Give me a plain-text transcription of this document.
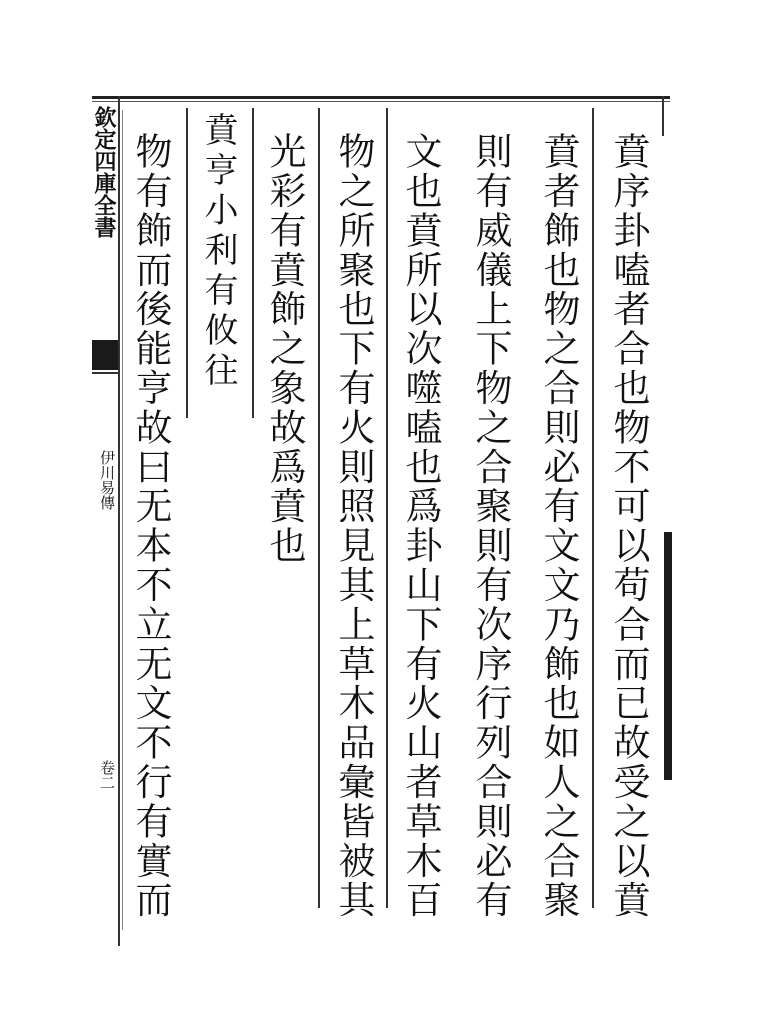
欽定四庫全書
伊川易傳
卷二	賁序卦嗑者合也物不可以苟合而已故受之以賁
賁者飾也物之合則必有文文乃飾也如人之合聚
則有威儀上下物之合聚則有次序行列合則必有
文也賁所以次噬嗑也爲卦山下有火山者草木百
物之所聚也下有火則照見其上草木品彙皆被其
光彩有賁飾之象故爲賁也
賁亨小利有攸往
物有飾而後能亨故曰无本不立无文不行有實而
